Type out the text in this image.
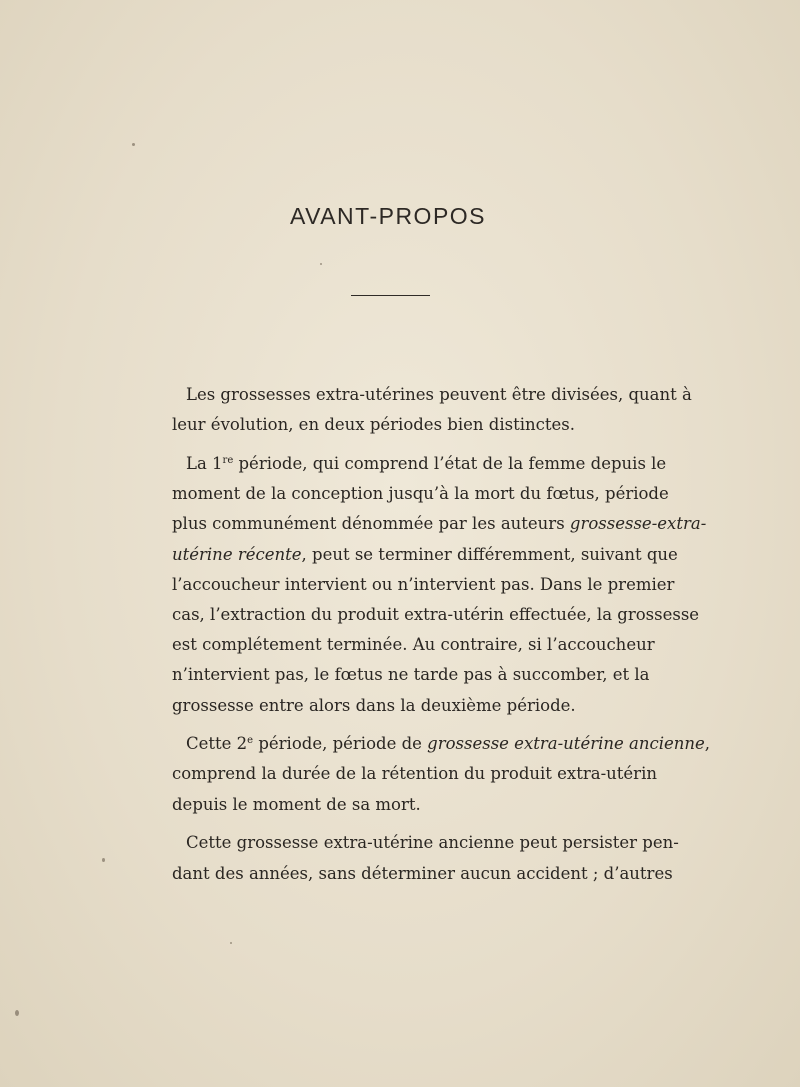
AVANT-PROPOS

Les grossesses extra-utérines peuvent être divisées, quant à
leur évolution, en deux périodes bien distinctes.

La 1re période, qui comprend l’état de la femme depuis le
moment de la conception jusqu’à la mort du fœtus, période
plus communément dénommée par les auteurs grossesse-extra-
utérine récente, peut se terminer différemment, suivant que
l’accoucheur intervient ou n’intervient pas. Dans le premier
cas, l’extraction du produit extra-utérin effectuée, la grossesse
est complétement terminée. Au contraire, si l’accoucheur
n’intervient pas, le fœtus ne tarde pas à succomber, et la
grossesse entre alors dans la deuxième période.

Cette 2e période, période de grossesse extra-utérine ancienne,
comprend la durée de la rétention du produit extra-utérin
depuis le moment de sa mort.

Cette grossesse extra-utérine ancienne peut persister pen-
dant des années, sans déterminer aucun accident ; d’autres
